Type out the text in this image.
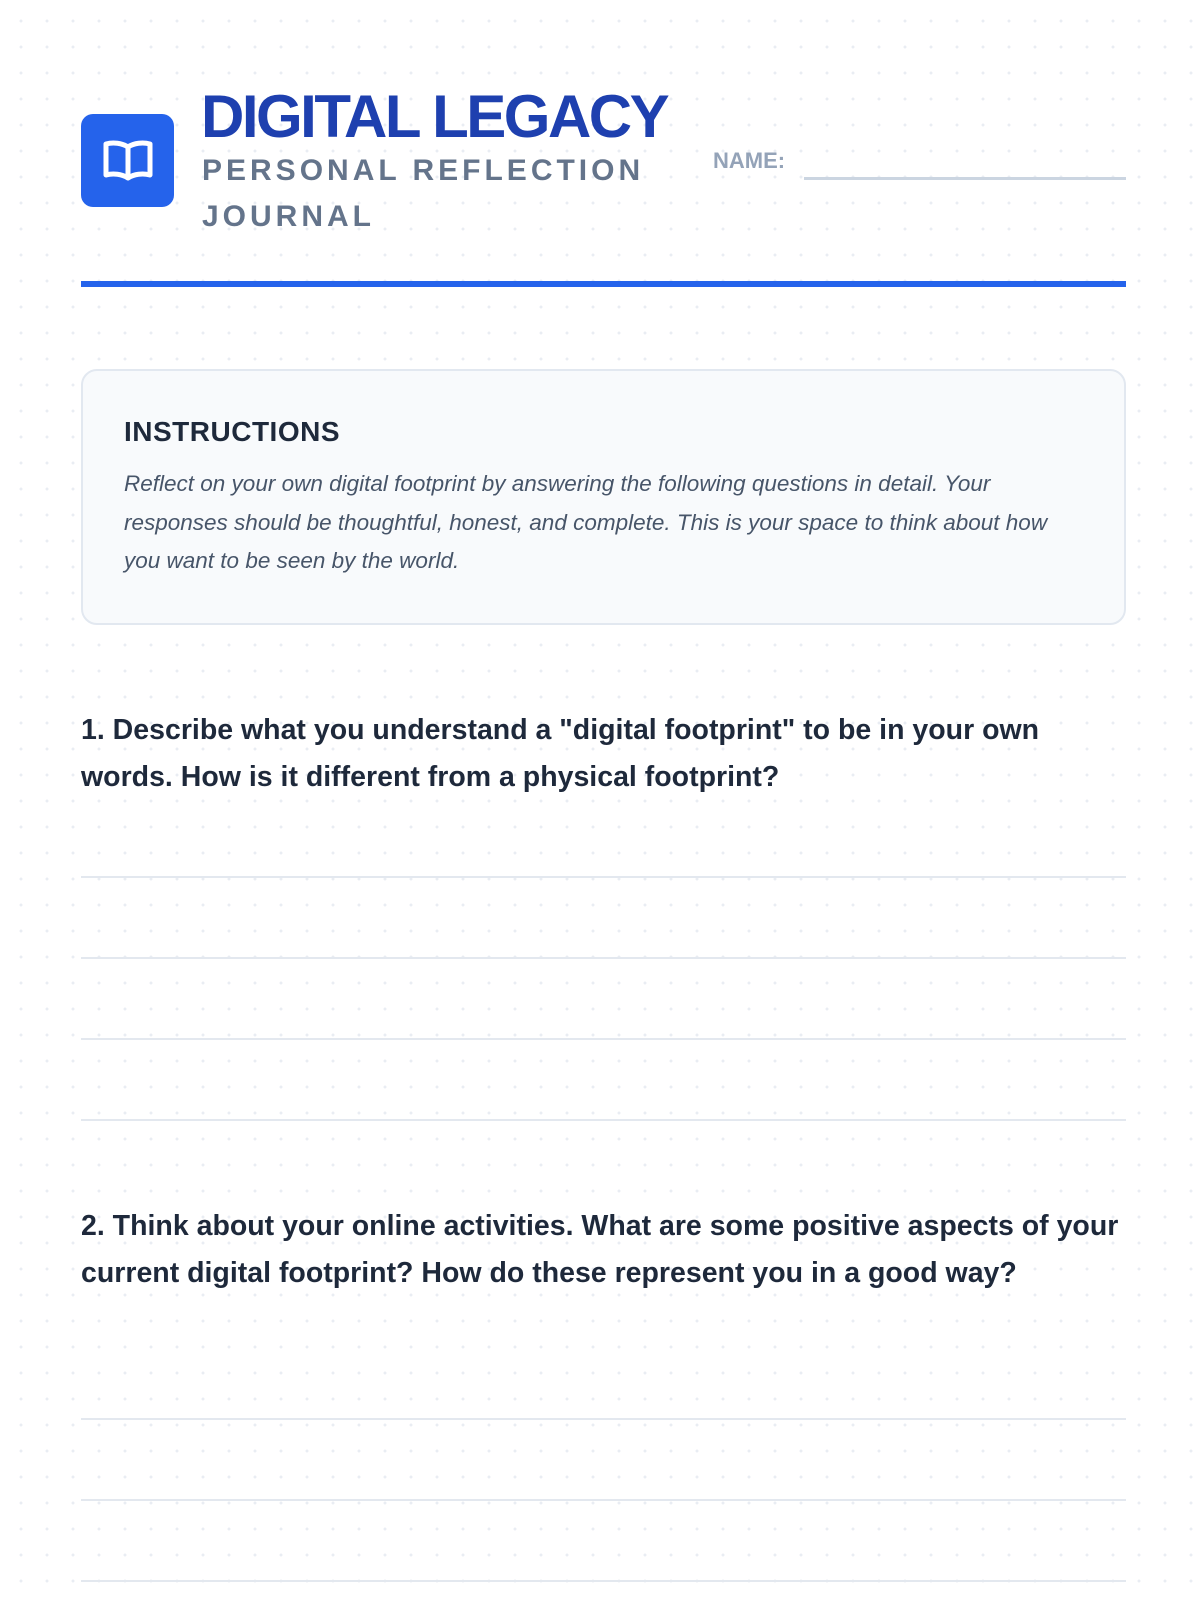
DIGITAL LEGACY
PERSONAL REFLECTION JOURNAL
NAME:
INSTRUCTIONS

Reflect on your own digital footprint by answering the following questions in detail. Your responses should be thoughtful, honest, and complete. This is your space to think about how you want to be seen by the world.

1. Describe what you understand a "digital footprint" to be in your own words. How is it different from a physical footprint?

2. Think about your online activities. What are some positive aspects of your current digital footprint? How do these represent you in a good way?
